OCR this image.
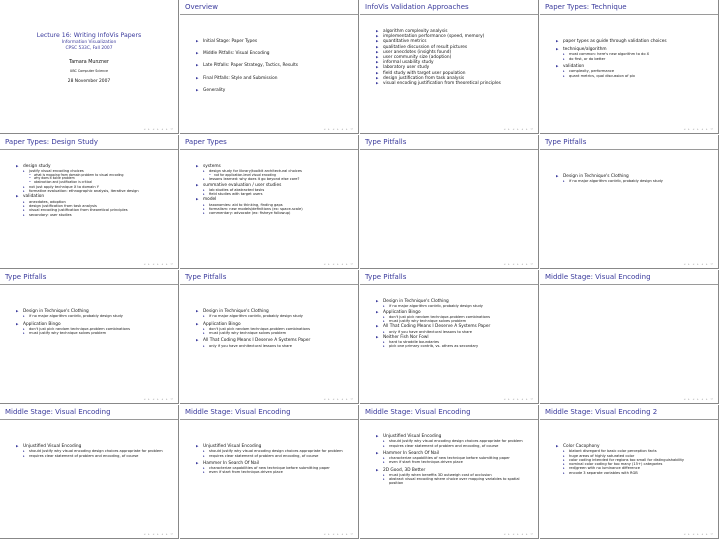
Lecture 16: Writing InfoVis Papers
Information Visualization
CPSC 533C, Fall 2007
Tamara Munzner
UBC Computer Science
28 November 2007
◂ ▸ ◂ ▸ ◂ ▸ ↺
Overview
▶ Initial Stage: Paper Types
▶ Middle Pitfalls: Visual Encoding
▶ Late Pitfalls: Paper Strategy, Tactics, Results
▶ Final Pitfalls: Style and Submission
▶ Generality
◂ ▸ ◂ ▸ ◂ ▸ ↺
InfoVis Validation Approaches
▶ algorithm complexity analysis
▶ implementation performance (speed, memory)
▶ quantitative metrics
▶ qualitative discussion of result pictures
▶ user anecdotes (insights found)
▶ user community size (adoption)
▶ informal usability study
▶ laboratory user study
▶ field study with target user population
▶ design justification from task analysis
▶ visual encoding justification from theoretical principles
◂ ▸ ◂ ▸ ◂ ▸ ↺
Paper Types: Technique
▶ paper types as guide through validation choices
▶ technique/algorithm
▸ most common: here's new algorithm to do X
▸ do first, or do better
▶ validation
▸ complexity, performance
▸ quant metrics, qual discussion of pix
◂ ▸ ◂ ▸ ◂ ▸ ↺
Paper Types: Design Study
▶ design study
▸ justify visual encoding choices
• what is mapping from domain problem to visual encoding
• why does it solve problem
• abstraction and justification is critical
▸ not just apply technique X to domain Y
▸ formative evaluation: ethnographic analysis, iterative design
▶ validation
▸ anecdotes, adoption
▸ design justification from task analysis
▸ visual encoding justification from theoretical principles
▸ secondary: user studies
◂ ▸ ◂ ▸ ◂ ▸ ↺
Paper Types
▶ systems
▸ design study for library/toolkit architectural choices
• not for application-level visual encoding
▸ lessons learned: why does it go beyond else core?
▶ summative evaluation / user studies
▸ lab studies of abstracted tasks
▸ field studies with target users
▶ model
▸ taxonomies: aid to thinking, finding gaps
▸ formalism: new models/definitions (ex: space-scale)
▸ commentary: advocate (ex: fisheye followup)
◂ ▸ ◂ ▸ ◂ ▸ ↺
Type Pitfalls
◂ ▸ ◂ ▸ ◂ ▸ ↺
Type Pitfalls
▶ Design in Technique's Clothing
▸ if no major algorithm contrib, probably design study
◂ ▸ ◂ ▸ ◂ ▸ ↺
Type Pitfalls
▶ Design in Technique's Clothing
▸ if no major algorithm contrib, probably design study
▶ Application Bingo
▸ don't just pick random technique-problem combinations
▸ must justify why technique solves problem
◂ ▸ ◂ ▸ ◂ ▸ ↺
Type Pitfalls
▶ Design in Technique's Clothing
▸ if no major algorithm contrib, probably design study
▶ Application Bingo
▸ don't just pick random technique-problem combinations
▸ must justify why technique solves problem
▶ All That Coding Means I Deserve A Systems Paper
▸ only if you have architectural lessons to share
◂ ▸ ◂ ▸ ◂ ▸ ↺
Type Pitfalls
▶ Design in Technique's Clothing
▸ if no major algorithm contrib, probably design study
▶ Application Bingo
▸ don't just pick random technique-problem combinations
▸ must justify why technique solves problem
▶ All That Coding Means I Deserve A Systems Paper
▸ only if you have architectural lessons to share
▶ Neither Fish Nor Fowl
▸ hard to straddle boundaries
▸ pick one primary contrib, vs. others as secondary
◂ ▸ ◂ ▸ ◂ ▸ ↺
Middle Stage: Visual Encoding
◂ ▸ ◂ ▸ ◂ ▸ ↺
Middle Stage: Visual Encoding
▶ Unjustified Visual Encoding
▸ should justify why visual encoding design choices appropriate for problem
▸ requires clear statement of problem and encoding, of course
◂ ▸ ◂ ▸ ◂ ▸ ↺
Middle Stage: Visual Encoding
▶ Unjustified Visual Encoding
▸ should justify why visual encoding design choices appropriate for problem
▸ requires clear statement of problem and encoding, of course
▶ Hammer In Search Of Nail
▸ characterize capabilities of new technique before submitting paper
▸ even if start from technique-driven place
◂ ▸ ◂ ▸ ◂ ▸ ↺
Middle Stage: Visual Encoding
▶ Unjustified Visual Encoding
▸ should justify why visual encoding design choices appropriate for problem
▸ requires clear statement of problem and encoding, of course
▶ Hammer In Search Of Nail
▸ characterize capabilities of new technique before submitting paper
▸ even if start from technique-driven place
▶ 2D Good, 3D Better
▸ must justify when benefits 3D outweigh cost of occlusion
▸ abstract visual encoding where choice over mapping variables to spatial position
◂ ▸ ◂ ▸ ◂ ▸ ↺
Middle Stage: Visual Encoding 2
▶ Color Cacophony
▸ blatant disregard for basic color perception facts
▸ huge areas of highly saturated color
▸ color coding intended for regions too small for distinguishability
▸ nominal color coding for too many (15+) categories
▸ red/green with no luminance difference
▸ encode 3 separate variables with RGB
◂ ▸ ◂ ▸ ◂ ▸ ↺
